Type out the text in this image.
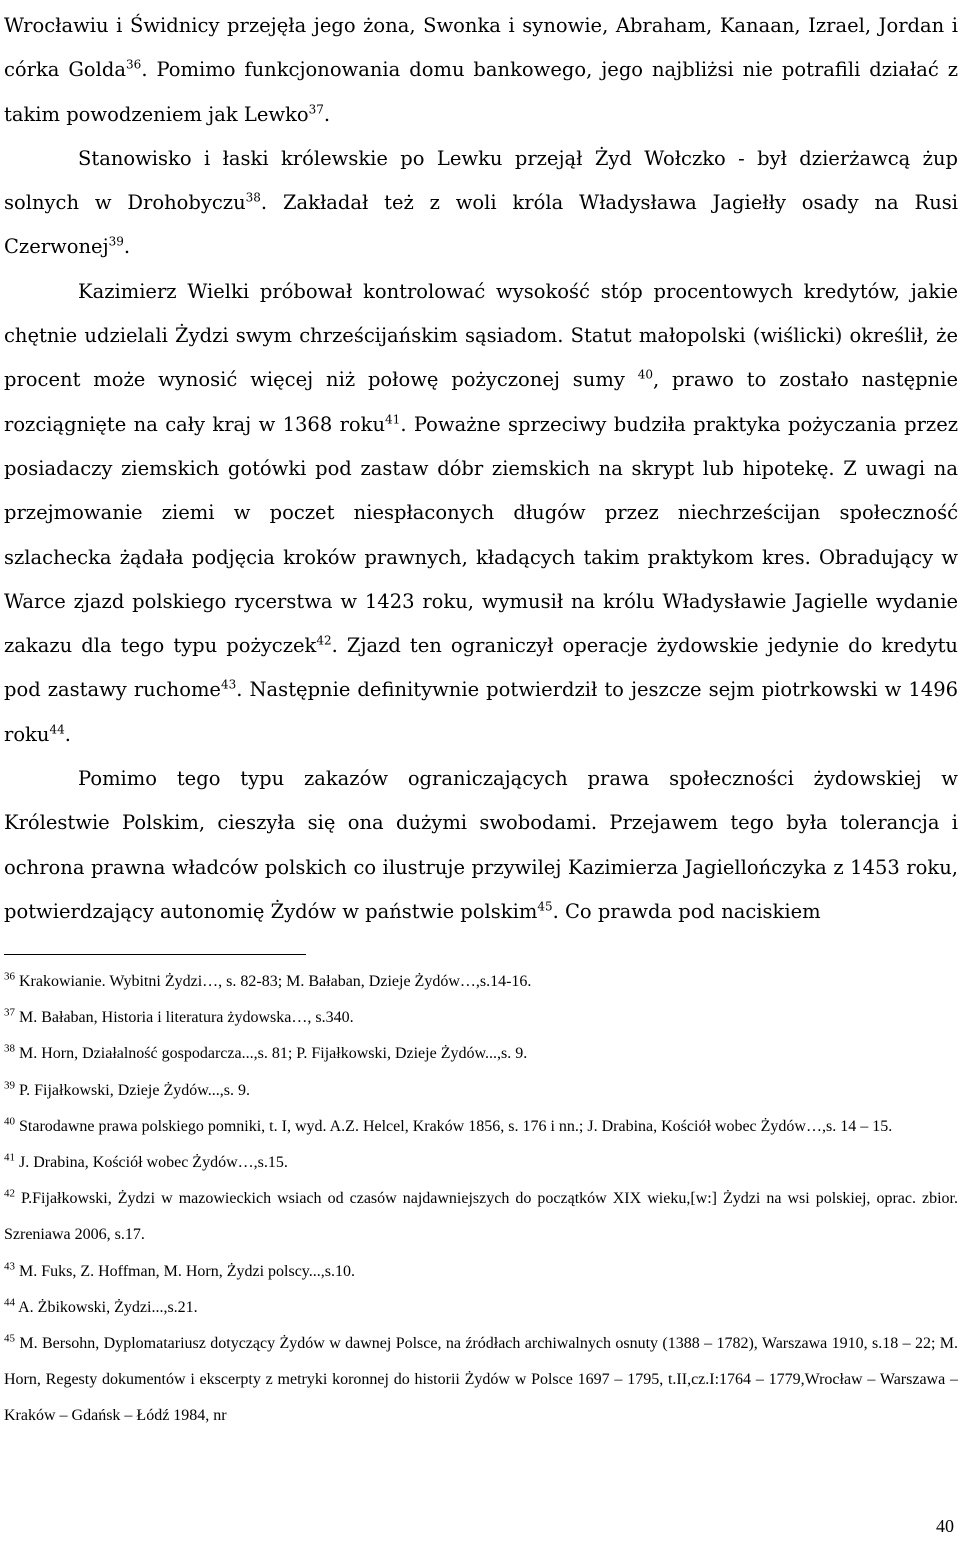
Wrocławiu i Świdnicy przejęła jego żona, Swonka i synowie, Abraham, Kanaan, Izrael, Jordan i córka Golda$^{36}$. Pomimo funkcjonowania domu bankowego, jego najbliżsi nie potrafili działać z takim powodzeniem jak Lewko$^{37}$.

Stanowisko i łaski królewskie po Lewku przejął Żyd Wołczko - był dzierżawcą żup solnych w Drohobyczu$^{38}$. Zakładał też z woli króla Władysława Jagiełły osady na Rusi Czerwonej$^{39}$.

Kazimierz Wielki próbował kontrolować wysokość stóp procentowych kredytów, jakie chętnie udzielali Żydzi swym chrześcijańskim sąsiadom. Statut małopolski (wiślicki) określił, że procent może wynosić więcej niż połowę pożyczonej sumy $^{40}$, prawo to zostało następnie rozciągnięte na cały kraj w 1368 roku$^{41}$. Poważne sprzeciwy budziła praktyka pożyczania przez posiadaczy ziemskich gotówki pod zastaw dóbr ziemskich na skrypt lub hipotekę. Z uwagi na przejmowanie ziemi w poczet niespłaconych długów przez niechrześcijan społeczność szlachecka żądała podjęcia kroków prawnych, kładących takim praktykom kres. Obradujący w Warce zjazd polskiego rycerstwa w 1423 roku, wymusił na królu Władysławie Jagielle wydanie zakazu dla tego typu pożyczek$^{42}$. Zjazd ten ograniczył operacje żydowskie jedynie do kredytu pod zastawy ruchome$^{43}$. Następnie definitywnie potwierdził to jeszcze sejm piotrkowski w 1496 roku$^{44}$.

Pomimo tego typu zakazów ograniczających prawa społeczności żydowskiej w Królestwie Polskim, cieszyła się ona dużymi swobodami. Przejawem tego była tolerancja i ochrona prawna władców polskich co ilustruje przywilej Kazimierza Jagiellończyka z 1453 roku, potwierdzający autonomię Żydów w państwie polskim$^{45}$. Co prawda pod naciskiem

$^{36}$ Krakowianie. Wybitni Żydzi…, s. 82-83; M. Bałaban, Dzieje Żydów…,s.14-16.

$^{37}$ M. Bałaban, Historia i literatura żydowska…, s.340.

$^{38}$ M. Horn, Działalność gospodarcza...,s. 81; P. Fijałkowski, Dzieje Żydów...,s. 9.

$^{39}$ P. Fijałkowski, Dzieje Żydów...,s. 9.

$^{40}$ Starodawne prawa polskiego pomniki, t. I, wyd. A.Z. Helcel, Kraków 1856, s. 176 i nn.; J. Drabina, Kościół wobec Żydów…,s. 14 – 15.

$^{41}$ J. Drabina, Kościół wobec Żydów…,s.15.

$^{42}$ P.Fijałkowski, Żydzi w mazowieckich wsiach od czasów najdawniejszych do początków XIX wieku,[w:] Żydzi na wsi polskiej, oprac. zbior. Szreniawa 2006, s.17.

$^{43}$ M. Fuks, Z. Hoffman, M. Horn, Żydzi polscy...,s.10.

$^{44}$ A. Żbikowski, Żydzi...,s.21.

$^{45}$ M. Bersohn, Dyplomatariusz dotyczący Żydów w dawnej Polsce, na źródłach archiwalnych osnuty (1388 – 1782), Warszawa 1910, s.18 – 22; M. Horn, Regesty dokumentów i ekscerpty z metryki koronnej do historii Żydów w Polsce 1697 – 1795, t.II,cz.I:1764 – 1779,Wrocław – Warszawa – Kraków – Gdańsk – Łódź 1984, nr

40
